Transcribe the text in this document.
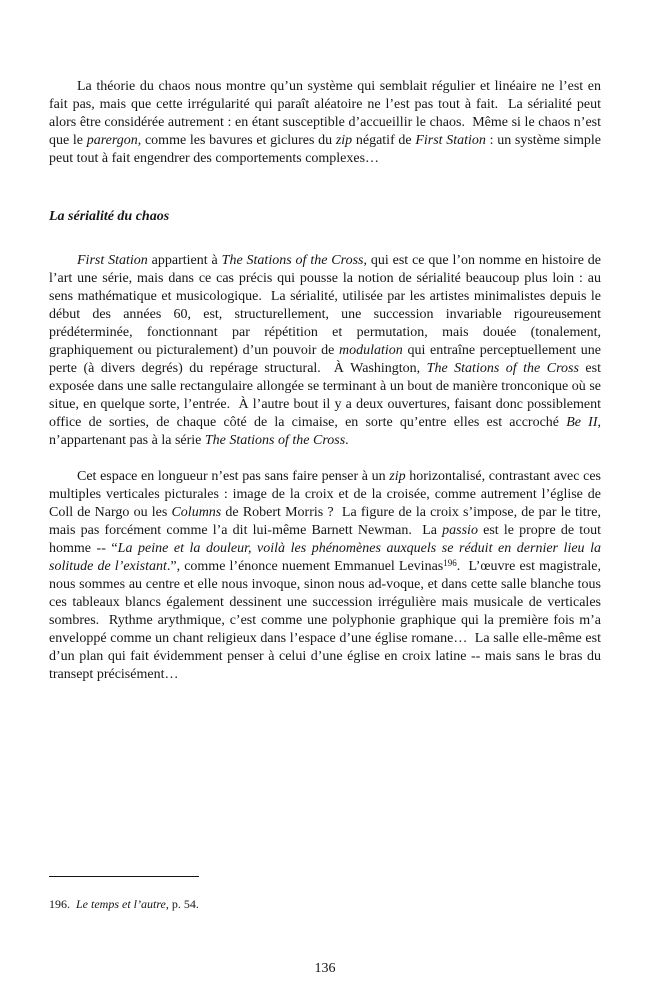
La théorie du chaos nous montre qu’un système qui semblait régulier et linéaire ne l’est en fait pas, mais que cette irrégularité qui paraît aléatoire ne l’est pas tout à fait.  La sérialité peut alors être considérée autrement : en étant susceptible d’accueillir le chaos.  Même si le chaos n’est que le parergon, comme les bavures et giclures du zip négatif de First Station : un système simple peut tout à fait engendrer des comportements complexes…

La sérialité du chaos

First Station appartient à The Stations of the Cross, qui est ce que l’on nomme en histoire de l’art une série, mais dans ce cas précis qui pousse la notion de sérialité beaucoup plus loin : au sens mathématique et musicologique.  La sérialité, utilisée par les artistes minimalistes depuis le début des années 60, est, structurellement, une succession invariable rigoureusement prédéterminée, fonctionnant par répétition et permutation, mais douée (tonalement, graphiquement ou picturalement) d’un pouvoir de modulation qui entraîne perceptuellement une perte (à divers degrés) du repérage structural.  À Washington, The Stations of the Cross est exposée dans une salle rectangulaire allongée se terminant à un bout de manière tronconique où se situe, en quelque sorte, l’entrée.  À l’autre bout il y a deux ouvertures, faisant donc possiblement office de sorties, de chaque côté de la cimaise, en sorte qu’entre elles est accroché Be II, n’appartenant pas à la série The Stations of the Cross.

Cet espace en longueur n’est pas sans faire penser à un zip horizontalisé, contrastant avec ces multiples verticales picturales : image de la croix et de la croisée, comme autrement l’église de Coll de Nargo ou les Columns de Robert Morris ?  La figure de la croix s’impose, de par le titre, mais pas forcément comme l’a dit lui-même Barnett Newman.  La passio est le propre de tout homme -- “La peine et la douleur, voilà les phénomènes auxquels se réduit en dernier lieu la solitude de l’existant.”, comme l’énonce nuement Emmanuel Levinas$^{196}$.  L’œuvre est magistrale, nous sommes au centre et elle nous invoque, sinon nous ad-voque, et dans cette salle blanche tous ces tableaux blancs également dessinent une succession irrégulière mais musicale de verticales sombres.  Rythme arythmique, c’est comme une polyphonie graphique qui la première fois m’a enveloppé comme un chant religieux dans l’espace d’une église romane…  La salle elle-même est d’un plan qui fait évidemment penser à celui d’une église en croix latine -- mais sans le bras du transept précisément…

196.  Le temps et l’autre, p. 54.

136
